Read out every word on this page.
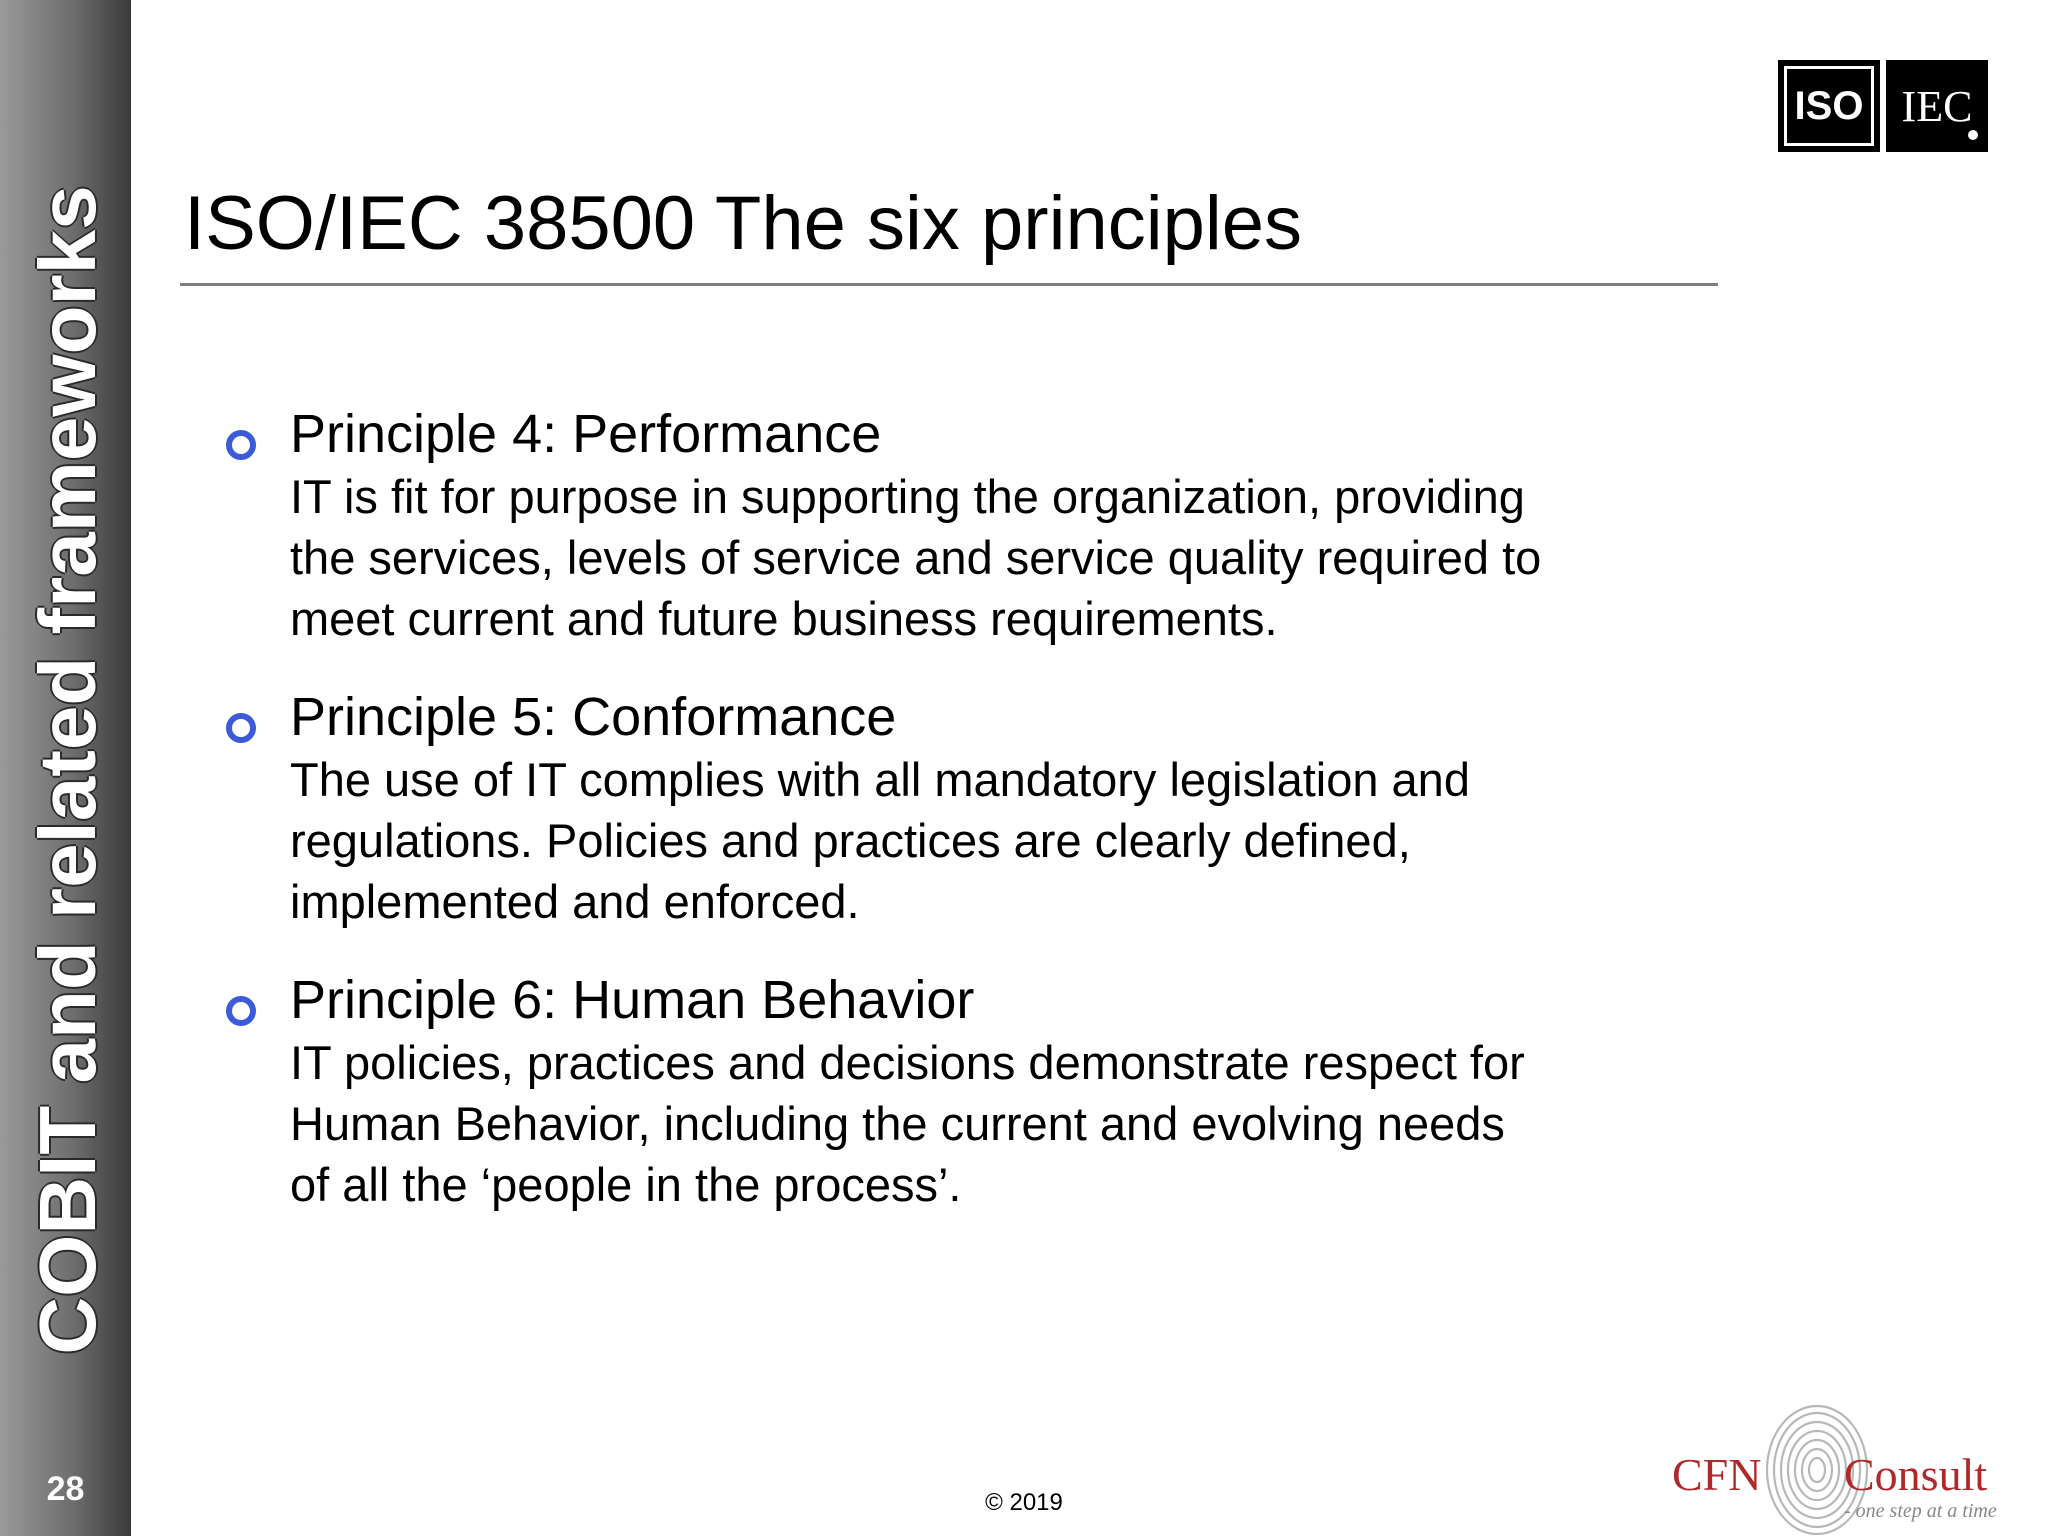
COBIT and related frameworks
28
ISO IEC
ISO/IEC 38500 The six principles
Principle 4: Performance
IT is fit for purpose in supporting the organization, providing
the services, levels of service and service quality required to
meet current and future business requirements.
Principle 5: Conformance
The use of IT complies with all mandatory legislation and
regulations. Policies and practices are clearly defined,
implemented and enforced.
Principle 6: Human Behavior
IT policies, practices and decisions demonstrate respect for
Human Behavior, including the current and evolving needs
of all the ‘people in the process’.
© 2019
CFN Consult
- one step at a time
